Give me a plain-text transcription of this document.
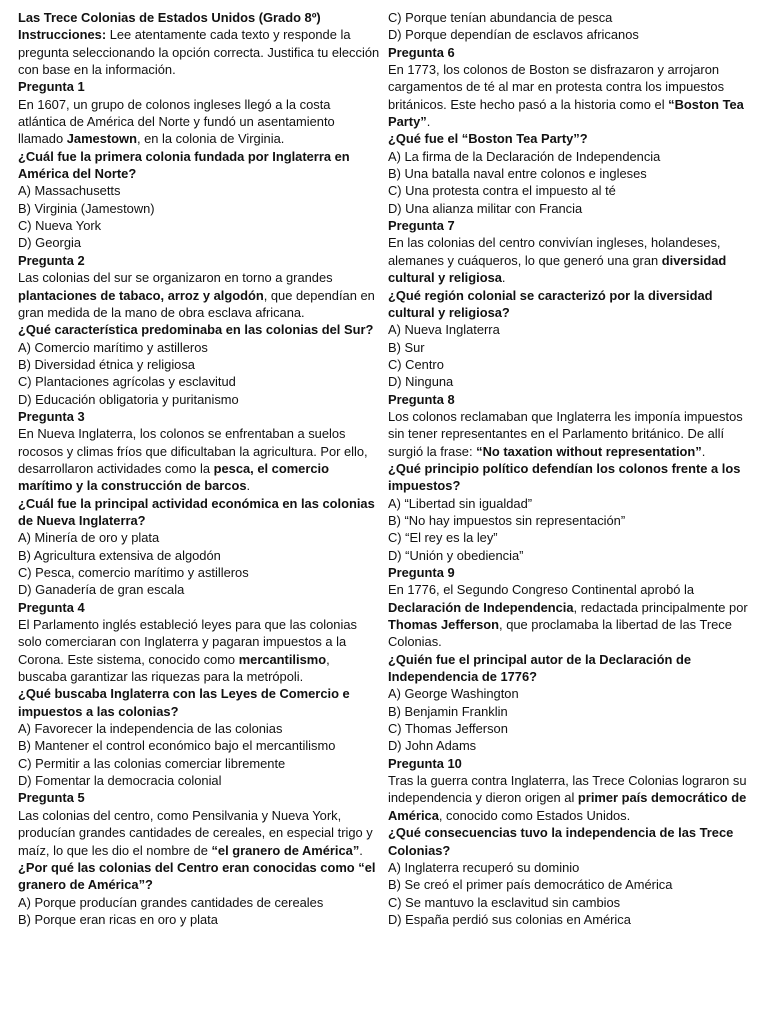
Las Trece Colonias de Estados Unidos (Grado 8º)

Instrucciones: Lee atentamente cada texto y responde la pregunta seleccionando la opción correcta. Justifica tu elección con base en la información.

Pregunta 1

En 1607, un grupo de colonos ingleses llegó a la costa atlántica de América del Norte y fundó un asentamiento llamado Jamestown, en la colonia de Virginia.

¿Cuál fue la primera colonia fundada por Inglaterra en América del Norte?

A) Massachusetts

B) Virginia (Jamestown)

C) Nueva York

D) Georgia

Pregunta 2

Las colonias del sur se organizaron en torno a grandes plantaciones de tabaco, arroz y algodón, que dependían en gran medida de la mano de obra esclava africana.

¿Qué característica predominaba en las colonias del Sur?

A) Comercio marítimo y astilleros

B) Diversidad étnica y religiosa

C) Plantaciones agrícolas y esclavitud

D) Educación obligatoria y puritanismo

Pregunta 3

En Nueva Inglaterra, los colonos se enfrentaban a suelos rocosos y climas fríos que dificultaban la agricultura. Por ello, desarrollaron actividades como la pesca, el comercio marítimo y la construcción de barcos.

¿Cuál fue la principal actividad económica en las colonias de Nueva Inglaterra?

A) Minería de oro y plata

B) Agricultura extensiva de algodón

C) Pesca, comercio marítimo y astilleros

D) Ganadería de gran escala

Pregunta 4

El Parlamento inglés estableció leyes para que las colonias solo comerciaran con Inglaterra y pagaran impuestos a la Corona. Este sistema, conocido como mercantilismo, buscaba garantizar las riquezas para la metrópoli.

¿Qué buscaba Inglaterra con las Leyes de Comercio e impuestos a las colonias?

A) Favorecer la independencia de las colonias

B) Mantener el control económico bajo el mercantilismo

C) Permitir a las colonias comerciar libremente

D) Fomentar la democracia colonial

Pregunta 5

Las colonias del centro, como Pensilvania y Nueva York, producían grandes cantidades de cereales, en especial trigo y maíz, lo que les dio el nombre de “el granero de América”.

¿Por qué las colonias del Centro eran conocidas como “el granero de América”?

A) Porque producían grandes cantidades de cereales

B) Porque eran ricas en oro y plata

C) Porque tenían abundancia de pesca

D) Porque dependían de esclavos africanos

Pregunta 6

En 1773, los colonos de Boston se disfrazaron y arrojaron cargamentos de té al mar en protesta contra los impuestos británicos. Este hecho pasó a la historia como el “Boston Tea Party”.

¿Qué fue el “Boston Tea Party”?

A) La firma de la Declaración de Independencia

B) Una batalla naval entre colonos e ingleses

C) Una protesta contra el impuesto al té

D) Una alianza militar con Francia

Pregunta 7

En las colonias del centro convivían ingleses, holandeses, alemanes y cuáqueros, lo que generó una gran diversidad cultural y religiosa.

¿Qué región colonial se caracterizó por la diversidad cultural y religiosa?

A) Nueva Inglaterra

B) Sur

C) Centro

D) Ninguna

Pregunta 8

Los colonos reclamaban que Inglaterra les imponía impuestos sin tener representantes en el Parlamento británico. De allí surgió la frase: “No taxation without representation”.

¿Qué principio político defendían los colonos frente a los impuestos?

A) “Libertad sin igualdad”

B) “No hay impuestos sin representación”

C) “El rey es la ley”

D) “Unión y obediencia”

Pregunta 9

En 1776, el Segundo Congreso Continental aprobó la Declaración de Independencia, redactada principalmente por Thomas Jefferson, que proclamaba la libertad de las Trece Colonias.

¿Quién fue el principal autor de la Declaración de Independencia de 1776?

A) George Washington

B) Benjamin Franklin

C) Thomas Jefferson

D) John Adams

Pregunta 10

Tras la guerra contra Inglaterra, las Trece Colonias lograron su independencia y dieron origen al primer país democrático de América, conocido como Estados Unidos.

¿Qué consecuencias tuvo la independencia de las Trece Colonias?

A) Inglaterra recuperó su dominio

B) Se creó el primer país democrático de América

C) Se mantuvo la esclavitud sin cambios

D) España perdió sus colonias en América
